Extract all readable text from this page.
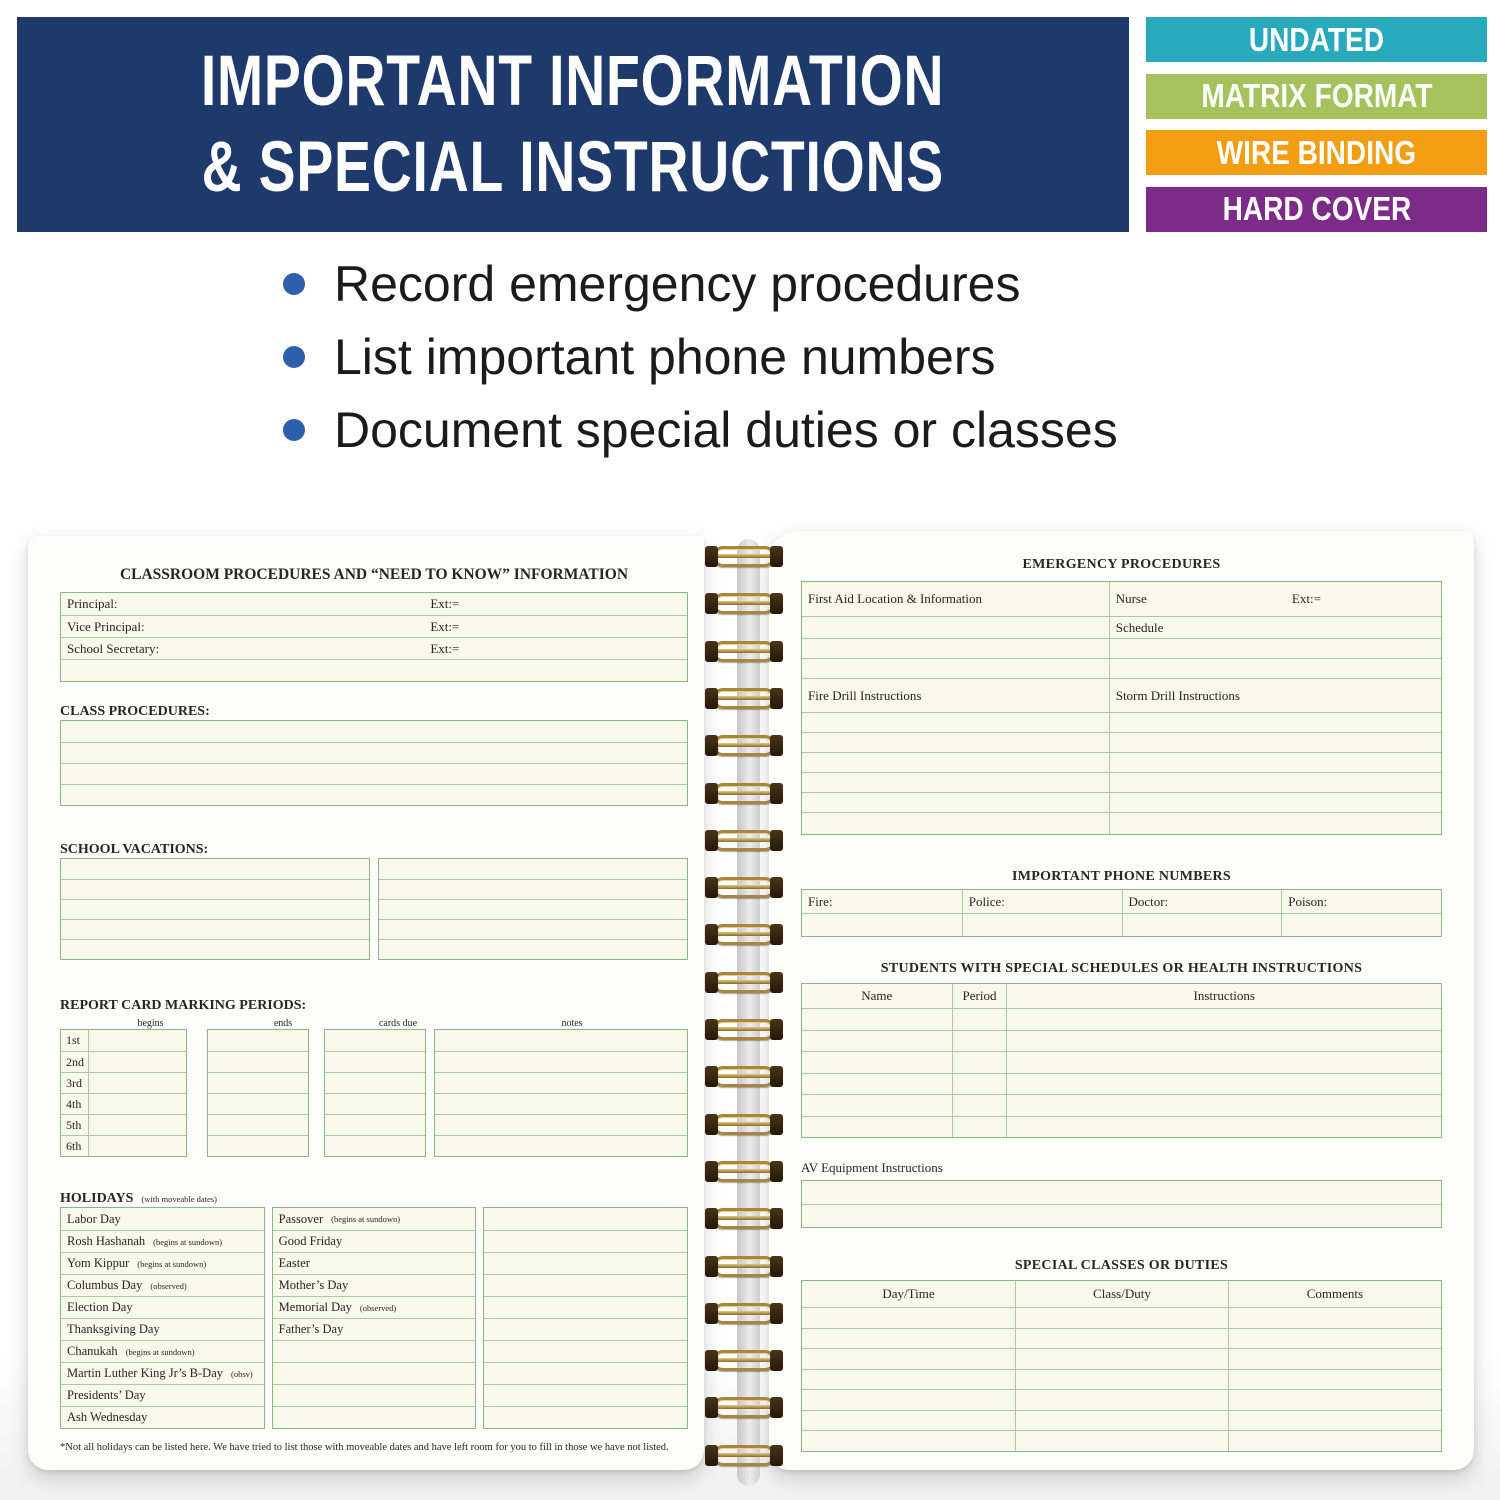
IMPORTANT INFORMATION
& SPECIAL INSTRUCTIONS
UNDATED
MATRIX FORMAT
WIRE BINDING
HARD COVER
Record emergency procedures
List important phone numbers
Document special duties or classes
CLASSROOM PROCEDURES AND “NEED TO KNOW” INFORMATION
Principal:	Ext:=
Vice Principal:	Ext:=
School Secretary:	Ext:=
CLASS PROCEDURES:
SCHOOL VACATIONS:
REPORT CARD MARKING PERIODS:
begins	ends	cards due	notes
1st
2nd
3rd
4th
5th
6th
HOLIDAYS (with moveable dates)
Labor Day
Rosh Hashanah (begins at sundown)
Yom Kippur (begins at sundown)
Columbus Day (observed)
Election Day
Thanksgiving Day
Chanukah (begins at sundown)
Martin Luther King Jr’s B-Day (obsv)
Presidents’ Day
Ash Wednesday
Passover (begins at sundown)
Good Friday
Easter
Mother’s Day
Memorial Day (observed)
Father’s Day
*Not all holidays can be listed here. We have tried to list those with moveable dates and have left room for you to fill in those we have not listed.
EMERGENCY PROCEDURES
First Aid Location & Information	Nurse	Ext:=
Schedule
Fire Drill Instructions	Storm Drill Instructions
IMPORTANT PHONE NUMBERS
Fire:	Police:	Doctor:	Poison:
STUDENTS WITH SPECIAL SCHEDULES OR HEALTH INSTRUCTIONS
Name	Period	Instructions
AV Equipment Instructions
SPECIAL CLASSES OR DUTIES
Day/Time	Class/Duty	Comments
